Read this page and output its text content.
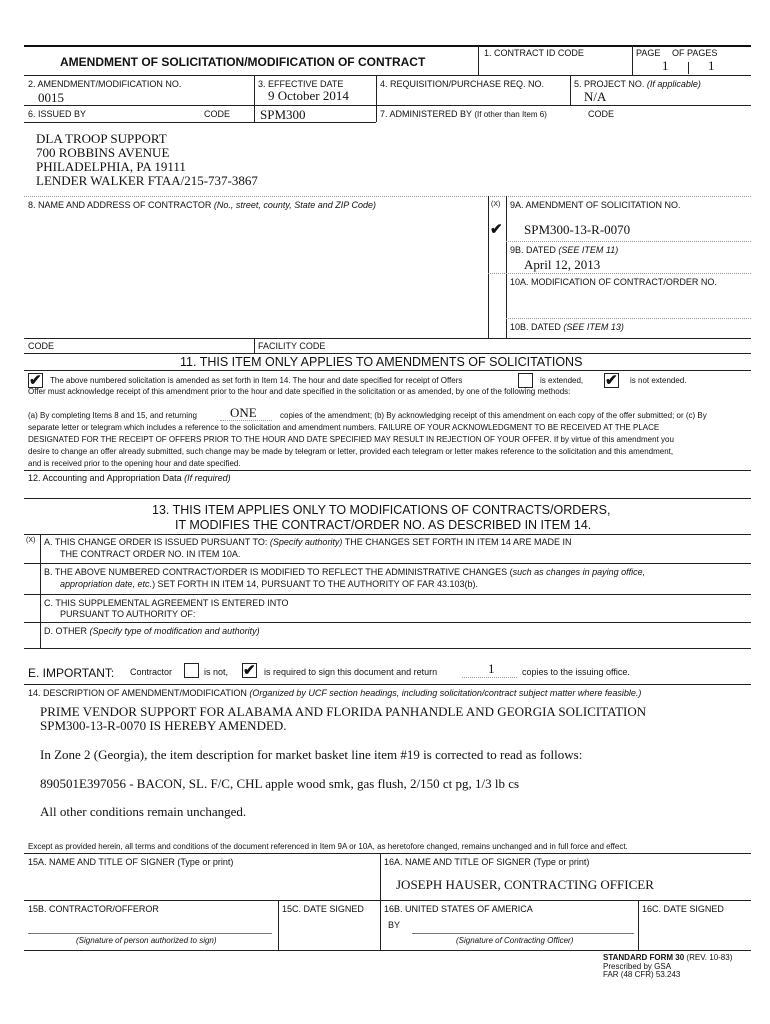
AMENDMENT OF SOLICITATION/MODIFICATION OF CONTRACT
1. CONTRACT ID CODE	PAGE OF PAGES
1	1
2. AMENDMENT/MODIFICATION NO.
0015
3. EFFECTIVE DATE
9 October 2014
4. REQUISITION/PURCHASE REQ. NO.	5. PROJECT NO. (If applicable)
N/A
6. ISSUED BY	CODE SPM300	7. ADMINISTERED BY (If other than Item 6)	CODE
DLA TROOP SUPPORT
700 ROBBINS AVENUE
PHILADELPHIA, PA 19111
LENDER WALKER FTAA/215-737-3867
8. NAME AND ADDRESS OF CONTRACTOR (No., street, county, State and ZIP Code)	(X) 9A. AMENDMENT OF SOLICITATION NO.
✔ SPM300-13-R-0070
9B. DATED (SEE ITEM 11)
April 12, 2013
10A. MODIFICATION OF CONTRACT/ORDER NO.
10B. DATED (SEE ITEM 13)
CODE	FACILITY CODE
11. THIS ITEM ONLY APPLIES TO AMENDMENTS OF SOLICITATIONS
✔ The above numbered solicitation is amended as set forth in Item 14. The hour and date specified for receipt of Offers	is extended, ✔ is not extended.
Offer must acknowledge receipt of this amendment prior to the hour and date specified in the solicitation or as amended, by one of the following methods:
(a) By completing Items 8 and 15, and returning	ONE	copies of the amendment; (b) By acknowledging receipt of this amendment on each copy of the offer submitted; or (c) By
separate letter or telegram which includes a reference to the solicitation and amendment numbers. FAILURE OF YOUR ACKNOWLEDGMENT TO BE RECEIVED AT THE PLACE
DESIGNATED FOR THE RECEIPT OF OFFERS PRIOR TO THE HOUR AND DATE SPECIFIED MAY RESULT IN REJECTION OF YOUR OFFER. If by virtue of this amendment you
desire to change an offer already submitted, such change may be made by telegram or letter, provided each telegram or letter makes reference to the solicitation and this amendment,
and is received prior to the opening hour and date specified.
12. Accounting and Appropriation Data (If required)
13. THIS ITEM APPLIES ONLY TO MODIFICATIONS OF CONTRACTS/ORDERS,
IT MODIFIES THE CONTRACT/ORDER NO. AS DESCRIBED IN ITEM 14.
(X) A. THIS CHANGE ORDER IS ISSUED PURSUANT TO: (Specify authority) THE CHANGES SET FORTH IN ITEM 14 ARE MADE IN
THE CONTRACT ORDER NO. IN ITEM 10A.
B. THE ABOVE NUMBERED CONTRACT/ORDER IS MODIFIED TO REFLECT THE ADMINISTRATIVE CHANGES (such as changes in paying office,
appropriation date, etc.) SET FORTH IN ITEM 14, PURSUANT TO THE AUTHORITY OF FAR 43.103(b).
C. THIS SUPPLEMENTAL AGREEMENT IS ENTERED INTO
PURSUANT TO AUTHORITY OF:
D. OTHER (Specify type of modification and authority)
E. IMPORTANT: Contractor	is not, ✔ is required to sign this document and return	1	copies to the issuing office.
14. DESCRIPTION OF AMENDMENT/MODIFICATION (Organized by UCF section headings, including solicitation/contract subject matter where feasible.)
PRIME VENDOR SUPPORT FOR ALABAMA AND FLORIDA PANHANDLE AND GEORGIA SOLICITATION
SPM300-13-R-0070 IS HEREBY AMENDED.
In Zone 2 (Georgia), the item description for market basket line item #19 is corrected to read as follows:
890501E397056 - BACON, SL. F/C, CHL apple wood smk, gas flush, 2/150 ct pg, 1/3 lb cs
All other conditions remain unchanged.
Except as provided herein, all terms and conditions of the document referenced in Item 9A or 10A, as heretofore changed, remains unchanged and in full force and effect.
15A. NAME AND TITLE OF SIGNER (Type or print)	16A. NAME AND TITLE OF SIGNER (Type or print)
JOSEPH HAUSER, CONTRACTING OFFICER
15B. CONTRACTOR/OFFEROR	15C. DATE SIGNED 16B. UNITED STATES OF AMERICA	16C. DATE SIGNED
BY
(Signature of person authorized to sign)	(Signature of Contracting Officer)
STANDARD FORM 30 (REV. 10-83)
Prescribed by GSA
FAR (48 CFR) 53.243
